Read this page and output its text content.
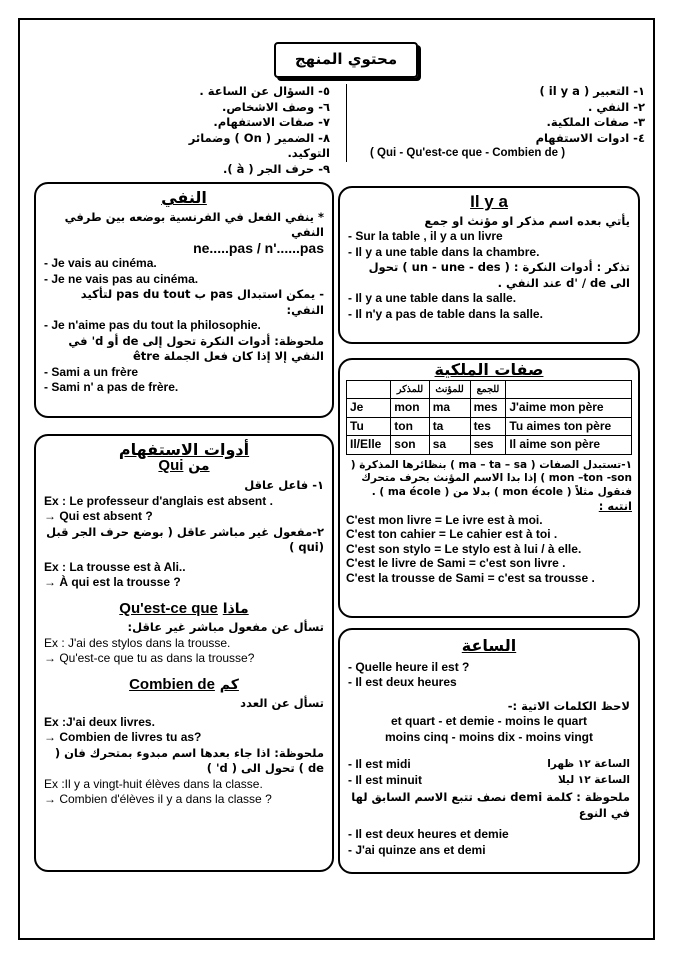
محتوي المنهج
١- التعبير ( il y a )
٢- النفي .
٣- صفات الملكية.
٤- ادوات الاستفهام
( Qui - Qu'est-ce que - Combien de )
٥- السؤال عن الساعة .
٦- وصف الاشخاص.
٧- صفات الاستفهام.
٨- الضمير ( On ) وضمائر التوكيد.
٩- حرف الجر ( à ).
النفي
* ينفي الفعل في الفرنسية بوضعه بين طرفي النفي
ne.....pas / n'......pas
- Je vais au cinéma.
- Je ne vais pas au cinéma.
- يمكن استبدال pas ب pas du tout لتأكيد النفي:
- Je n'aime pas du tout la philosophie.
ملحوظة: أدوات النكرة تحول إلى de أو d' في النفي إلا إذا كان فعل الجملة être
- Sami a un frère
- Sami n' a pas de frère.
Il y a
يأتي بعده اسم مذكر او مؤنث او جمع
- Sur la table , il y a un livre
- Il y a une table dans la chambre.
تذكر : أدوات النكرة : ( un - une - des ) تحول الى d' / de عند النفي .
- Il y a une table dans la salle.
- Il n'y a pas de table dans la salle.
صفات الملكية
	للمذكر	للمؤنث	للجمع	
Je	mon	ma	mes	J'aime mon père
Tu	ton	ta	tes	Tu aimes ton père
Il/Elle	son	sa	ses	Il aime son père
١-تستبدل الصفات ( ma – ta – sa ) بنظائرها المذكرة ( mon –ton -son ) إذا بدا الاسم المؤنث بحرف متحرك
فنقول مثلاً ( mon école ) بدلا من ( ma école ) .
انتبه :
C'est mon livre = Le ivre est à moi.
C'est ton cahier = Le cahier est à toi .
C'est son stylo = Le stylo est à lui / à elle.
C'est le livre de Sami = c'est son livre .
C'est la trousse de Sami = c'est sa trousse .
أدوات الاستفهام
Qui من
١- فاعل عاقل
Ex : Le professeur d'anglais est absent .
→ Qui est absent ?
٢-مفعول غير مباشر عاقل ( بوضع حرف الجر قبل (qui )
Ex : La trousse est à Ali..
→ À qui est la trousse ?
Qu'est-ce que ماذا
تسأل عن مفعول مباشر غير عاقل:
Ex : J'ai des stylos dans la trousse.
→ Qu'est-ce que tu as dans la trousse?
Combien de كم
تسأل عن العدد
Ex :J'ai deux livres.
→ Combien de livres tu as?
ملحوظة: اذا جاء بعدها اسم مبدوء بمتحرك فان ( de ) تحول الى ( d' )
Ex :Il y a vingt-huit élèves dans la classe.
→ Combien d'élèves il y a dans la classe ?
الساعة
- Quelle heure il est ?
- Il est deux heures
لاحظ الكلمات الاتية :-
et quart - et demie - moins le quart
moins cinq - moins dix - moins vingt
- Il est midi	الساعة ١٢ ظهرا
- Il est minuit	الساعة ١٢ ليلا
ملحوظة : كلمة demi نصف تتبع الاسم السابق لها في النوع
- Il est deux heures et demie
- J'ai quinze ans et demi
